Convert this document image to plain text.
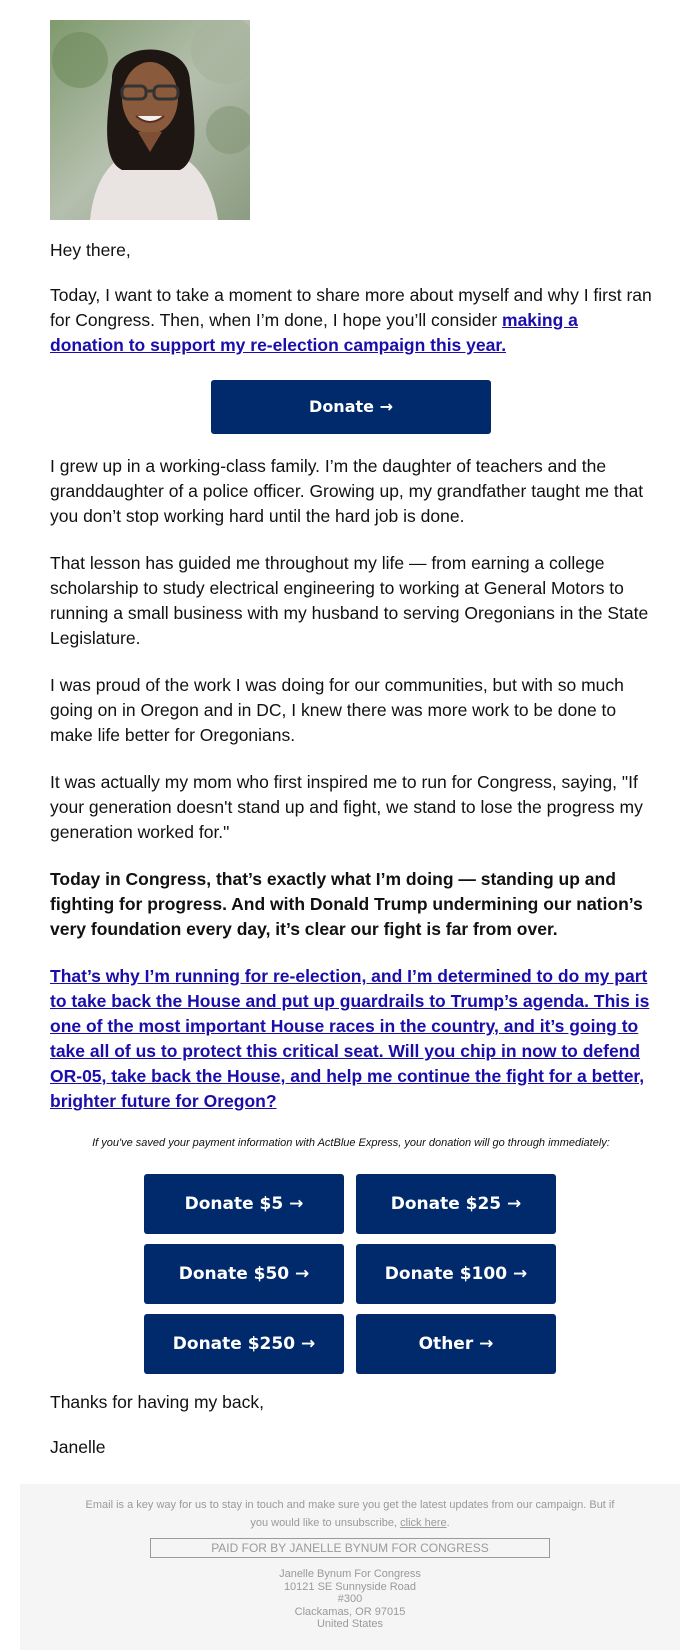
Hey there,

Today, I want to take a moment to share more about myself and why I first ran for Congress. Then, when I’m done, I hope you’ll consider making a donation to support my re-election campaign this year.

Donate →

I grew up in a working-class family. I’m the daughter of teachers and the granddaughter of a police officer. Growing up, my grandfather taught me that you don’t stop working hard until the hard job is done.

That lesson has guided me throughout my life — from earning a college scholarship to study electrical engineering to working at General Motors to running a small business with my husband to serving Oregonians in the State Legislature.

I was proud of the work I was doing for our communities, but with so much going on in Oregon and in DC, I knew there was more work to be done to make life better for Oregonians.

It was actually my mom who first inspired me to run for Congress, saying, "If your generation doesn't stand up and fight, we stand to lose the progress my generation worked for."

Today in Congress, that’s exactly what I’m doing — standing up and fighting for progress. And with Donald Trump undermining our nation’s very foundation every day, it’s clear our fight is far from over.

That’s why I’m running for re-election, and I’m determined to do my part to take back the House and put up guardrails to Trump’s agenda. This is one of the most important House races in the country, and it’s going to take all of us to protect this critical seat. Will you chip in now to defend OR-05, take back the House, and help me continue the fight for a better, brighter future for Oregon?

If you've saved your payment information with ActBlue Express, your donation will go through immediately:
Donate $5 →	Donate $25 →
Donate $50 →	Donate $100 →
Donate $250 →	Other →

Thanks for having my back,

Janelle

Email is a key way for us to stay in touch and make sure you get the latest updates from our campaign. But if you would like to unsubscribe, click here.
PAID FOR BY JANELLE BYNUM FOR CONGRESS
Janelle Bynum For Congress
10121 SE Sunnyside Road
#300
Clackamas, OR 97015
United States
